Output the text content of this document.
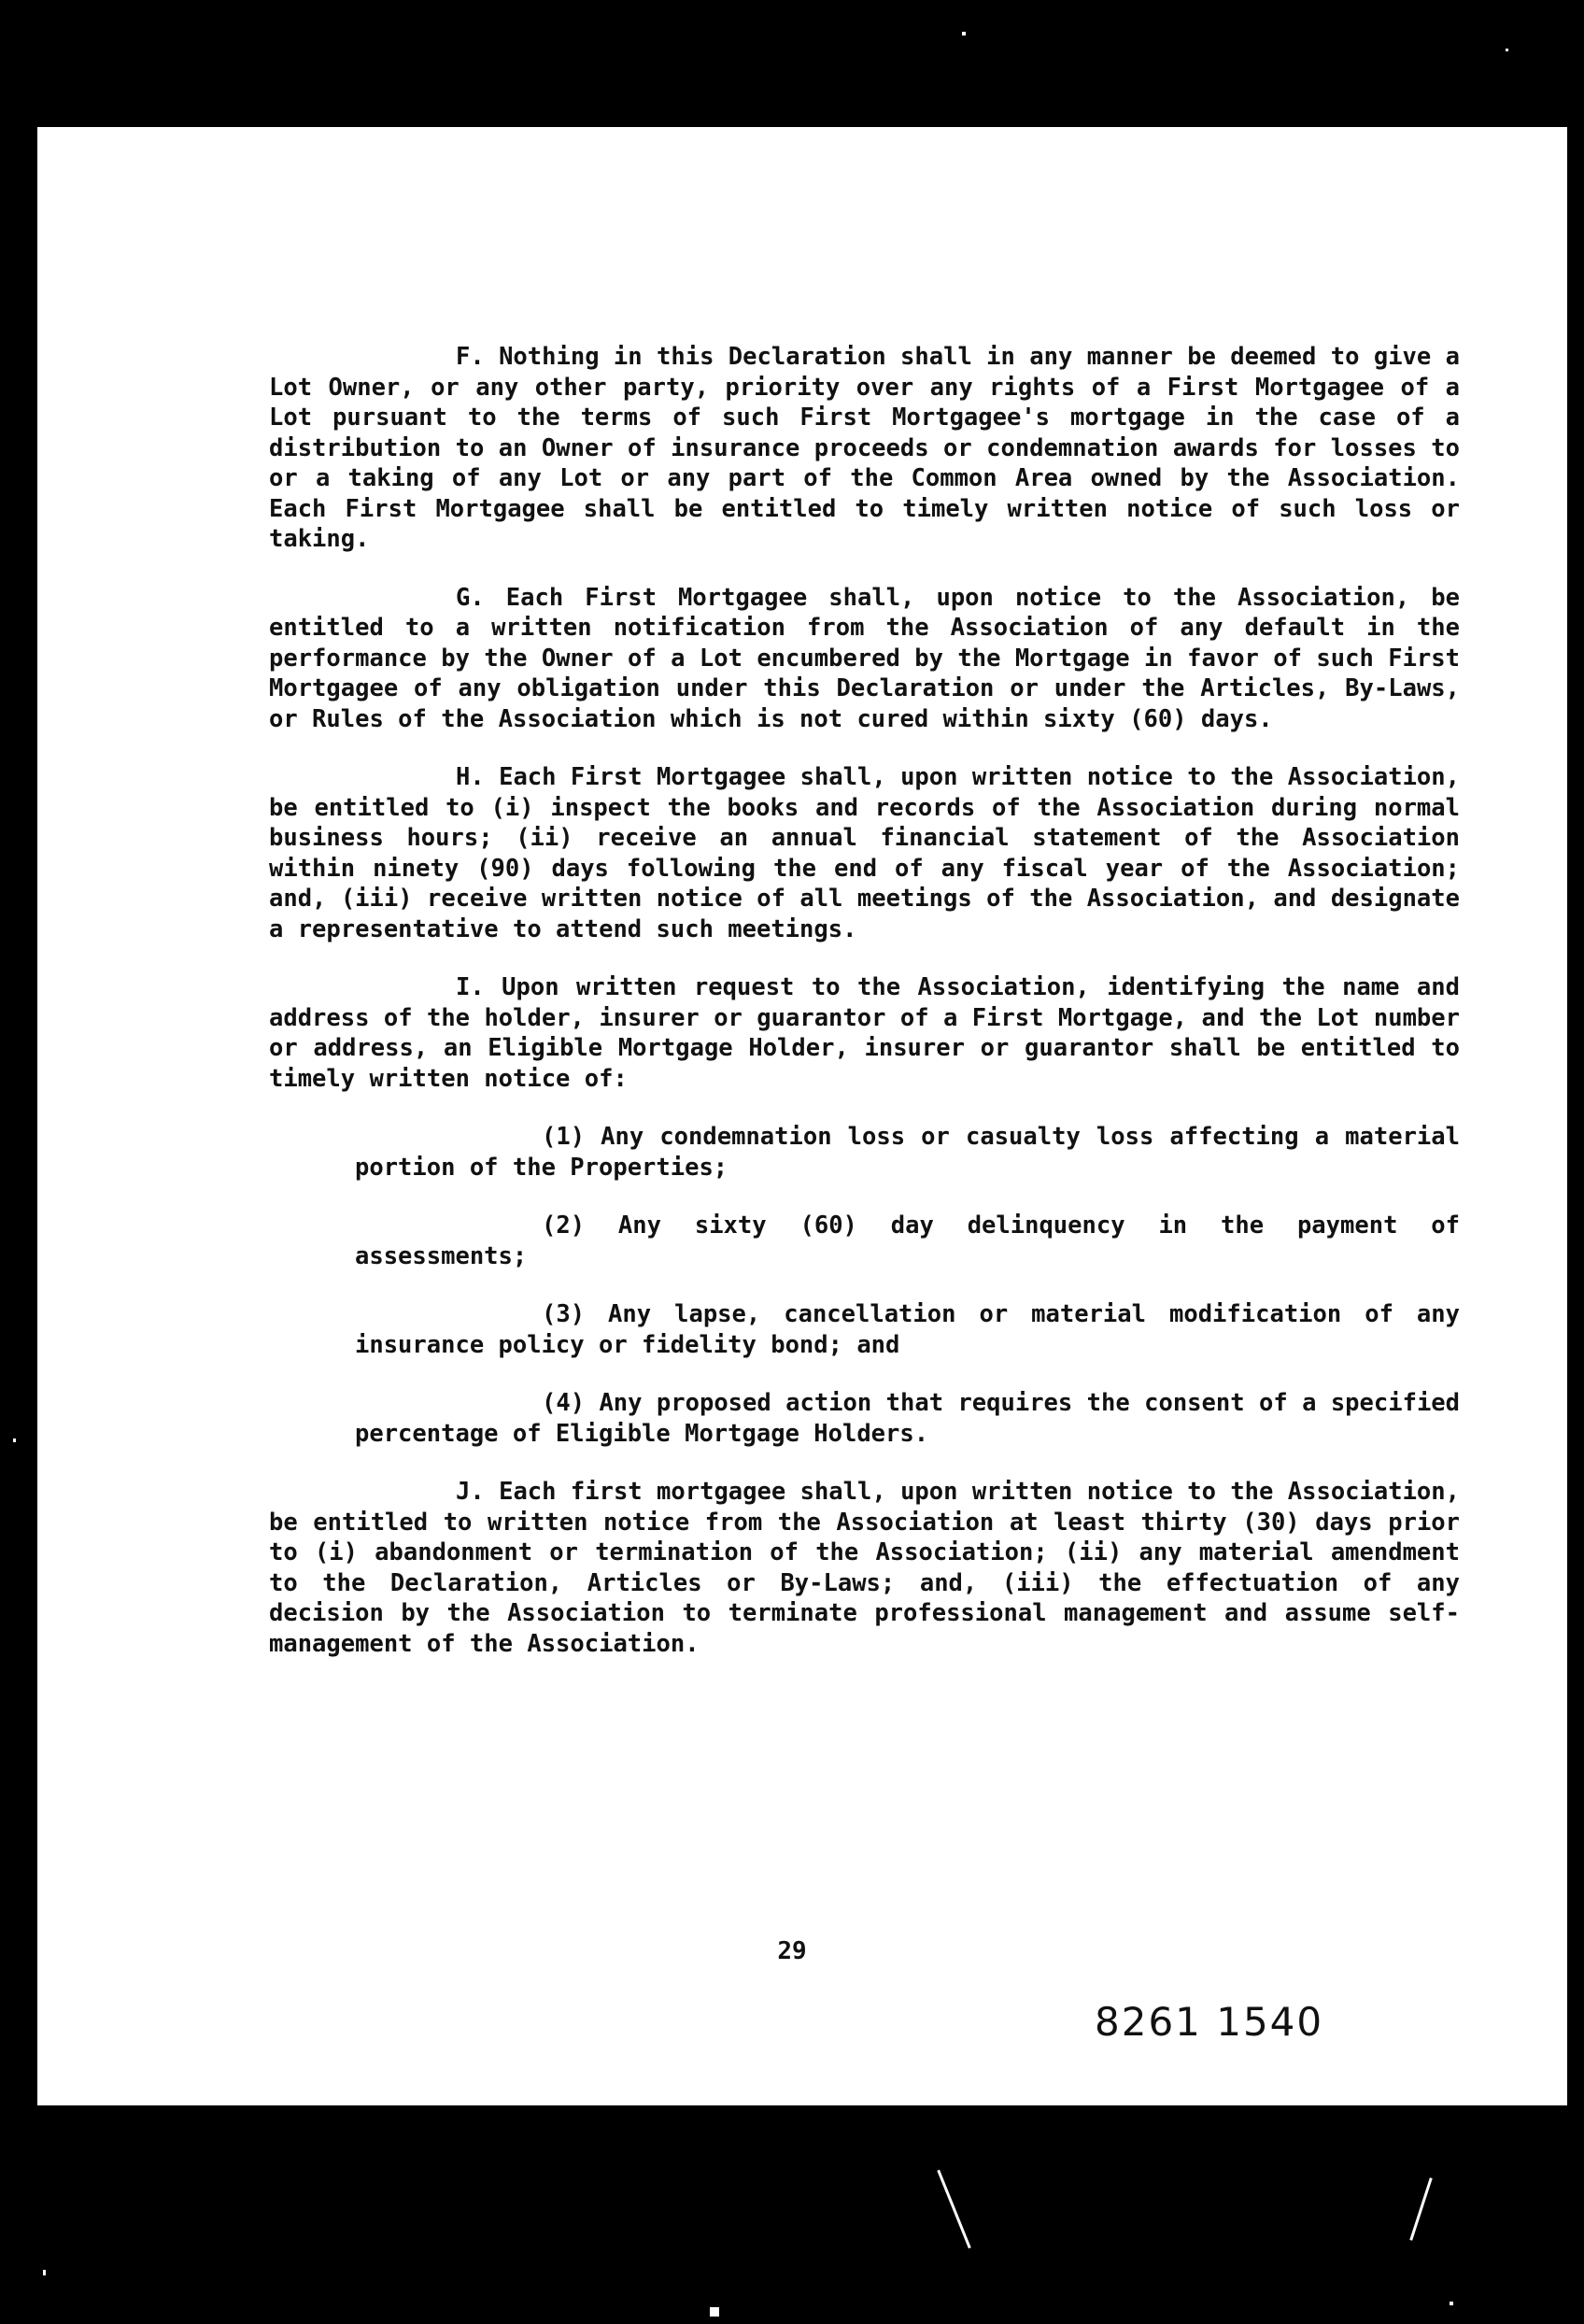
F. Nothing in this Declaration shall in any manner be deemed to give a Lot Owner, or any other party, priority over any rights of a First Mortgagee of a Lot pursuant to the terms of such First Mortgagee's mortgage in the case of a distribution to an Owner of insurance proceeds or condemnation awards for losses to or a taking of any Lot or any part of the Common Area owned by the Association. Each First Mortgagee shall be entitled to timely written notice of such loss or taking.

G. Each First Mortgagee shall, upon notice to the Association, be entitled to a written notification from the Association of any default in the performance by the Owner of a Lot encumbered by the Mortgage in favor of such First Mortgagee of any obligation under this Declaration or under the Articles, By-Laws, or Rules of the Association which is not cured within sixty (60) days.

H. Each First Mortgagee shall, upon written notice to the Association, be entitled to (i) inspect the books and records of the Association during normal business hours; (ii) receive an annual financial statement of the Association within ninety (90) days following the end of any fiscal year of the Association; and, (iii) receive written notice of all meetings of the Association, and designate a representative to attend such meetings.

I. Upon written request to the Association, identifying the name and address of the holder, insurer or guarantor of a First Mortgage, and the Lot number or address, an Eligible Mortgage Holder, insurer or guarantor shall be entitled to timely written notice of:

(1) Any condemnation loss or casualty loss affecting a material portion of the Properties;

(2) Any sixty (60) day delinquency in the payment of assessments;

(3) Any lapse, cancellation or material modification of any insurance policy or fidelity bond; and

(4) Any proposed action that requires the consent of a specified percentage of Eligible Mortgage Holders.

J. Each first mortgagee shall, upon written notice to the Association, be entitled to written notice from the Association at least thirty (30) days prior to (i) abandonment or termination of the Association; (ii) any material amendment to the Declaration, Articles or By-Laws; and, (iii) the effectuation of any decision by the Association to terminate professional management and assume self-management of the Association.

29
8261 1540
